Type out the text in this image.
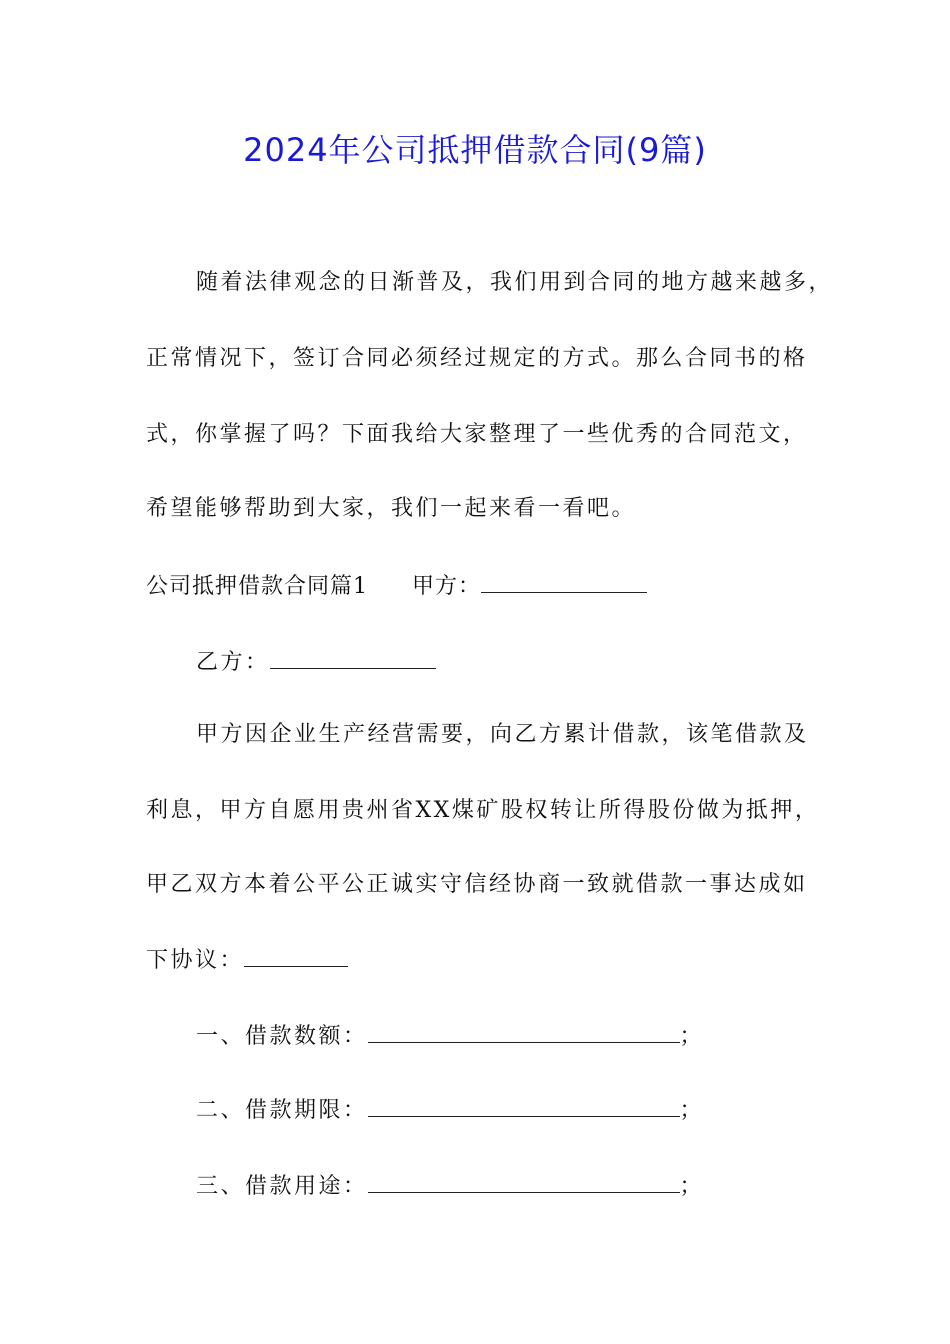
2024年公司抵押借款合同(9篇)
随着法律观念的日渐普及，我们用到合同的地方越来越多，
正常情况下，签订合同必须经过规定的方式。那么合同书的格
式，你掌握了吗？下面我给大家整理了一些优秀的合同范文，
希望能够帮助到大家，我们一起来看一看吧。
公司抵押借款合同篇1 甲方：
乙方：
甲方因企业生产经营需要，向乙方累计借款，该笔借款及
利息，甲方自愿用贵州省XX煤矿股权转让所得股份做为抵押，
甲乙双方本着公平公正诚实守信经协商一致就借款一事达成如
下协议：
一、借款数额：	；
二、借款期限：	；
三、借款用途：	；
